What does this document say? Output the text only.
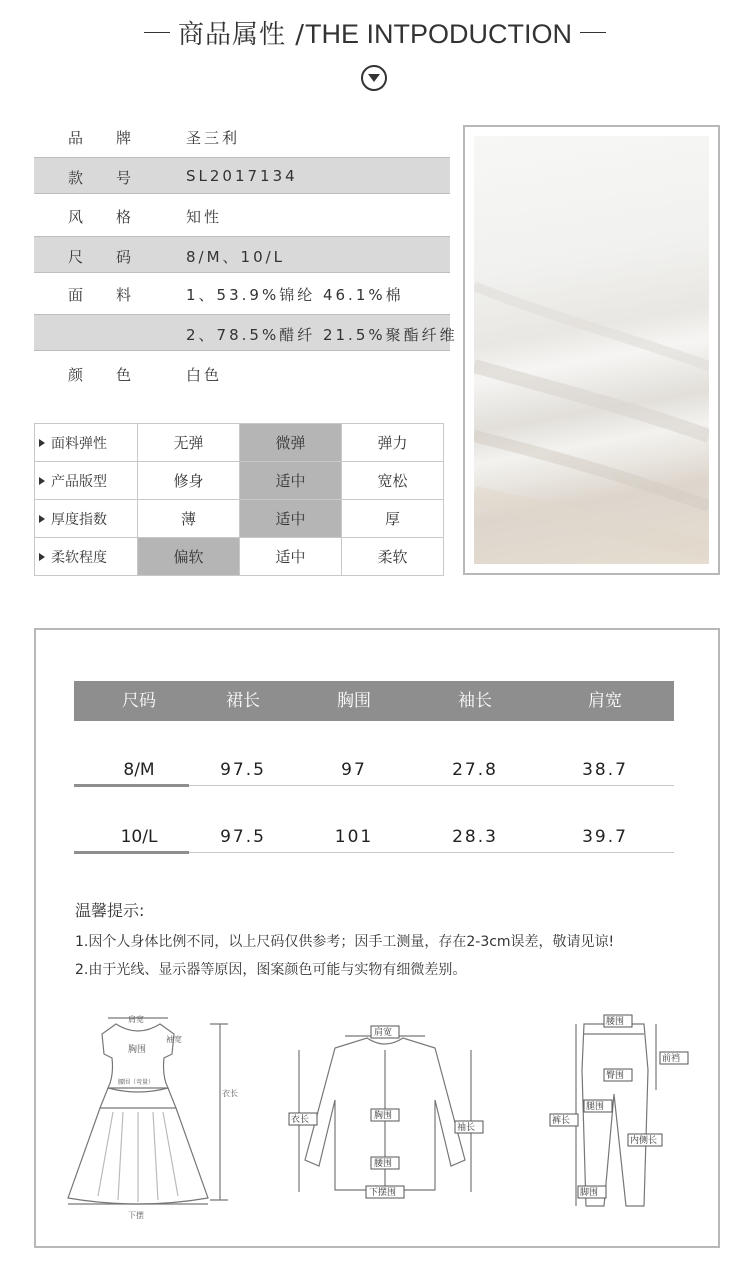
商品属性 /THE INTPODUCTION
品 牌	圣三利
款 号	SL2017134
风 格	知性
尺 码	8/M、10/L
面 料	1、53.9%锦纶 46.1%棉
2、78.5%醋纤 21.5%聚酯纤维
颜 色	白色
面料弹性	无弹	微弹	弹力
产品版型	修身	适中	宽松
厚度指数	薄	适中	厚
柔软程度	偏软	适中	柔软
尺码	裙长	胸围	袖长	肩宽
8/M	97.5	97	27.8	38.7
10/L	97.5	101	28.3	39.7
温馨提示:
1.因个人身体比例不同，以上尺码仅供参考；因手工测量，存在2-3cm误差，敬请见谅!
2.由于光线、显示器等原因，图案颜色可能与实物有细微差别。
肩宽
袖宽
胸围
腰围（弯量）
衣长
下摆
肩宽
衣长	胸围
袖长
腰围
下摆围
腰围
前裆
臀围
裤长
腿围
内侧长
脚围
